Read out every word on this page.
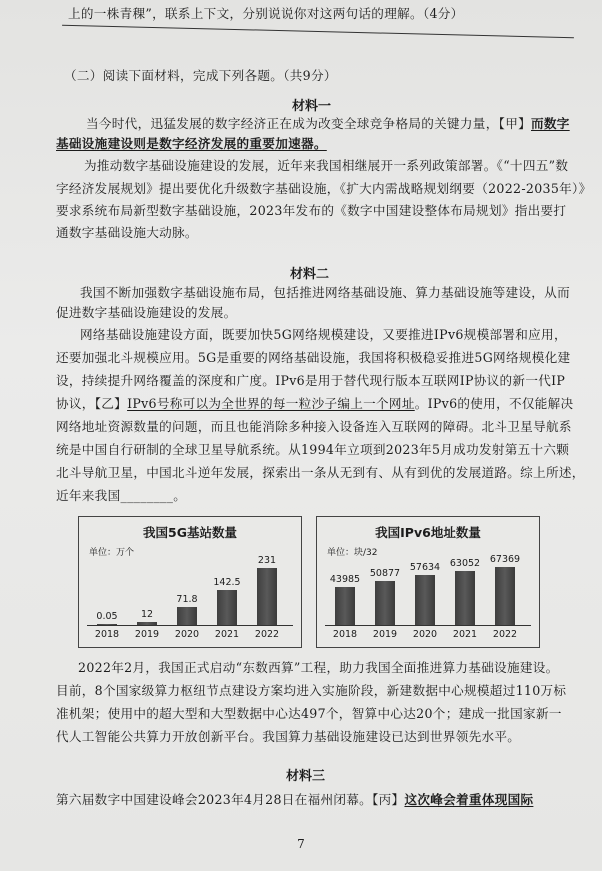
上的一株青稞”，联系上下文，分别说说你对这两句话的理解。（4分）
（二）阅读下面材料，完成下列各题。（共9分）
材料一
当今时代，迅猛发展的数字经济正在成为改变全球竞争格局的关键力量，【甲】而数字
基础设施建设则是数字经济发展的重要加速器。
为推动数字基础设施建设的发展，近年来我国相继展开一系列政策部署。《“十四五”数
字经济发展规划》提出要优化升级数字基础设施，《扩大内需战略规划纲要（2022-2035年）》
要求系统布局新型数字基础设施，2023年发布的《数字中国建设整体布局规划》指出要打
通数字基础设施大动脉。
材料二
我国不断加强数字基础设施布局，包括推进网络基础设施、算力基础设施等建设，从而
促进数字基础设施建设的发展。
网络基础设施建设方面，既要加快5G网络规模建设，又要推进IPv6规模部署和应用，
还要加强北斗规模应用。5G是重要的网络基础设施，我国将积极稳妥推进5G网络规模化建
设，持续提升网络覆盖的深度和广度。IPv6是用于替代现行版本互联网IP协议的新一代IP
协议，【乙】IPv6号称可以为全世界的每一粒沙子编上一个网址。IPv6的使用，不仅能解决
网络地址资源数量的问题，而且也能消除多种接入设备连入互联网的障碍。北斗卫星导航系
统是中国自行研制的全球卫星导航系统。从1994年立项到2023年5月成功发射第五十六颗
北斗导航卫星，中国北斗逆年发展，探索出一条从无到有、从有到优的发展道路。综上所述，
近年来我国________。
我国5G基站数量
单位：万个
0.05
2018
12
2019
71.8
2020
142.5
2021
231
2022
我国IPv6地址数量
单位：块/32
43985
2018
50877
2019
57634
2020
63052
2021
67369
2022
2022年2月，我国正式启动“东数西算”工程，助力我国全面推进算力基础设施建设。
目前，8个国家级算力枢纽节点建设方案均进入实施阶段，新建数据中心规模超过110万标
准机架；使用中的超大型和大型数据中心达497个，智算中心达20个；建成一批国家新一
代人工智能公共算力开放创新平台。我国算力基础设施建设已达到世界领先水平。
材料三
第六届数字中国建设峰会2023年4月28日在福州闭幕。【丙】这次峰会着重体现国际
7
